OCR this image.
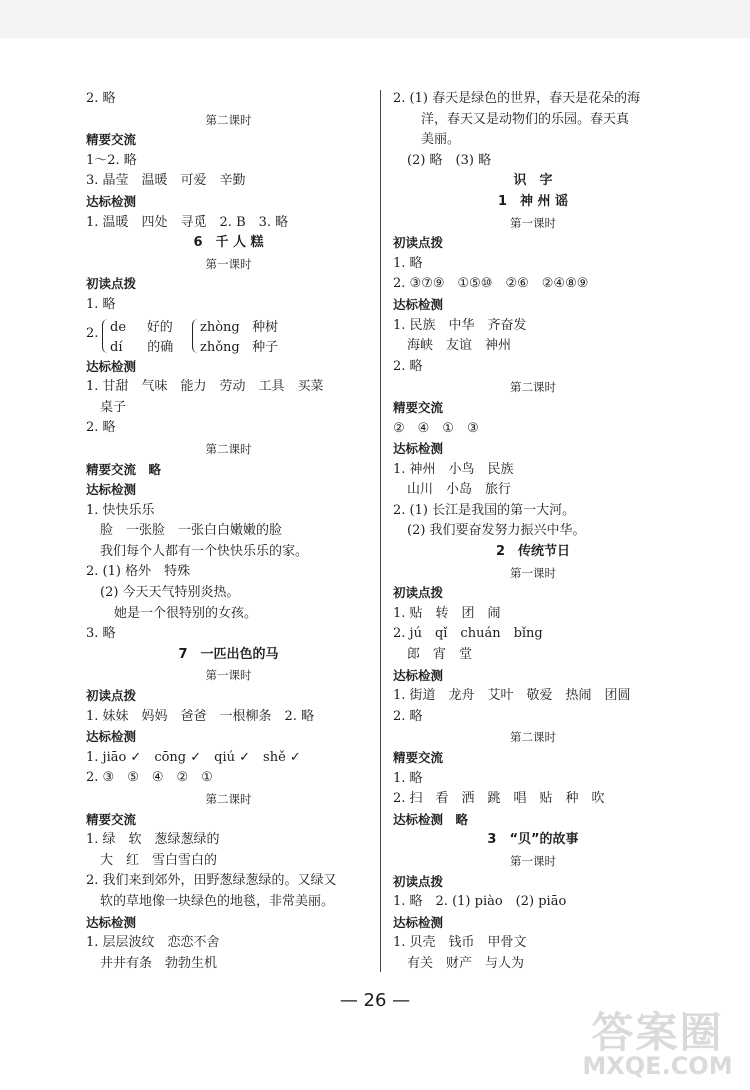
2. 略
第二课时
精要交流
1～2. 略
3. 晶莹　温暖　可爱　辛勤
达标检测
1. 温暖　四处　寻觅　2. B　3. 略
6　千 人 糕
第一课时
初读点拨
1. 略
2. de 好的
dí 的确
zhòng 种树
zhǒng 种子
达标检测
1. 甘甜　气味　能力　劳动　工具　买菜
桌子
2. 略
第二课时
精要交流　略
达标检测
1. 快快乐乐
脸　一张脸　一张白白嫩嫩的脸
我们每个人都有一个快快乐乐的家。
2. (1) 格外　特殊
(2) 今天天气特别炎热。
她是一个很特别的女孩。
3. 略
7　一匹出色的马
第一课时
初读点拨
1. 妹妹　妈妈　爸爸　一根柳条　2. 略
达标检测
1. jiāo ✓　cōng ✓　qiú ✓　shě ✓
2. ③　⑤　④　②　①
第二课时
精要交流
1. 绿　软　葱绿葱绿的
大　红　雪白雪白的
2. 我们来到郊外，田野葱绿葱绿的。又绿又
软的草地像一块绿色的地毯，非常美丽。
达标检测
1. 层层波纹　恋恋不舍
井井有条　勃勃生机
2. (1) 春天是绿色的世界，春天是花朵的海
洋，春天又是动物们的乐园。春天真
美丽。
(2) 略　(3) 略
识　字
1　神 州 谣
第一课时
初读点拨
1. 略
2. ③⑦⑨　①⑤⑩　②⑥　②④⑧⑨
达标检测
1. 民族　中华　齐奋发
海峡　友谊　神州
2. 略
第二课时
精要交流
②　④　①　③
达标检测
1. 神州　小鸟　民族
山川　小岛　旅行
2. (1) 长江是我国的第一大河。
(2) 我们要奋发努力振兴中华。
2　传统节日
第一课时
初读点拨
1. 贴　转　团　闹
2. jú　qǐ　chuán　bǐng
郎　宵　堂
达标检测
1. 街道　龙舟　艾叶　敬爱　热闹　团圆
2. 略
第二课时
精要交流
1. 略
2. 扫　看　洒　跳　唱　贴　种　吹
达标检测　略
3　“贝”的故事
第一课时
初读点拨
1. 略　2. (1) piào　(2) piāo
达标检测
1. 贝壳　钱币　甲骨文
有关　财产　与人为
— 26 —
答案圈
MXQE.COM
